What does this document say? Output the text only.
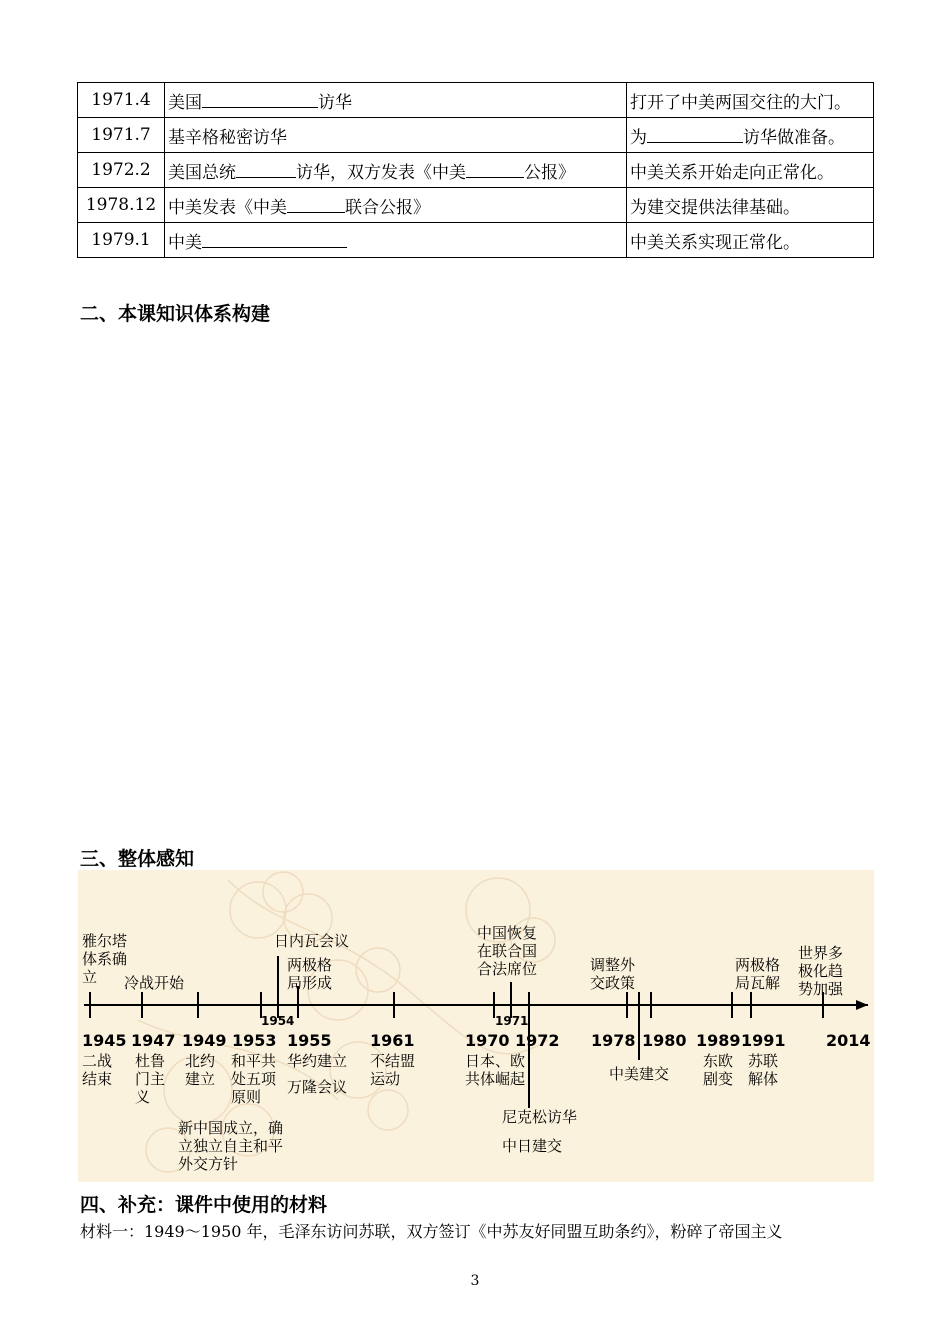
1971.4	美国 访华	打开了中美两国交往的大门。
1971.7	基辛格秘密访华	为 访华做准备。
1972.2	美国总统 访华，双方发表《中美 公报》	中美关系开始走向正常化。
1978.12	中美发表《中美 联合公报》	为建交提供法律基础。
1979.1	中美	中美关系实现正常化。
二、本课知识体系构建
三、整体感知
1954	1971
1945 1947 1949 1953 1955 1961	1970 1972 1978 1980 1989 1991	2014
雅尔塔
体系确
立 冷战开始
日内瓦会议
两极格
局形成
中国恢复
在联合国
合法席位	调整外
交政策
两极格
局瓦解
世界多
极化趋
势加强
二战
结束
杜鲁
门主
义
北约
建立
和平共
处五项
原则
华约建立
万隆会议
不结盟
运动
日本、欧
共体崛起	中美建交
东欧
剧变
苏联
解体
尼克松访华
中日建交
新中国成立，确
立独立自主和平
外交方针
四、补充：课件中使用的材料
材料一：1949～1950 年，毛泽东访问苏联，双方签订《中苏友好同盟互助条约》，粉碎了帝国主义
3
